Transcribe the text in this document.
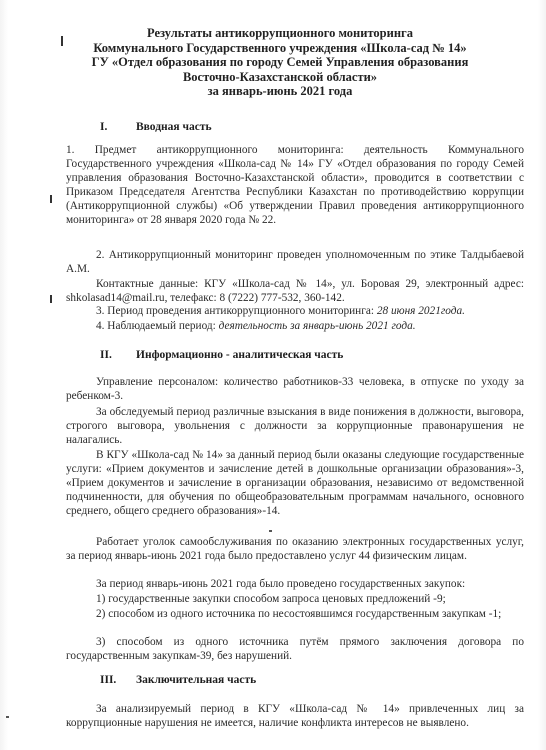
Результаты антикоррупционного мониторинга
Коммунального Государственного учреждения «Школа-сад № 14»
ГУ «Отдел образования по городу Семей Управления образования
Восточно-Казахстанской области»
за январь-июнь 2021 года
I. Вводная часть
1. Предмет антикоррупционного мониторинга: деятельность Коммунального Государственного учреждения «Школа-сад № 14» ГУ «Отдел образования по городу Семей управления образования Восточно-Казахстанской области», проводится в соответствии с Приказом Председателя Агентства Республики Казахстан по противодействию коррупции (Антикоррупционной службы) «Об утверждении Правил проведения антикоррупционного мониторинга» от 28 января 2020 года № 22.
2. Антикоррупционный мониторинг проведен уполномоченным по этике Талдыбаевой А.М.
Контактные данные: КГУ «Школа-сад № 14», ул. Боровая 29, электронный адрес: shkolasad14@mail.ru, телефакс: 8 (7222) 777-532, 360-142.
3. Период проведения антикоррупционного мониторинга: 28 июня 2021года.
4. Наблюдаемый период: деятельность за январь-июнь 2021 года.
II. Информационно - аналитическая часть
Управление персоналом: количество работников-33 человека, в отпуске по уходу за ребенком-3.
За обследуемый период различные взыскания в виде понижения в должности, выговора, строгого выговора, увольнения с должности за коррупционные правонарушения не налагались.
В КГУ «Школа-сад № 14» за данный период были оказаны следующие государственные услуги: «Прием документов и зачисление детей в дошкольные организации образования»-3, «Прием документов и зачисление в организации образования, независимо от ведомственной подчиненности, для обучения по общеобразовательным программам начального, основного среднего, общего среднего образования»-14.
Работает уголок самообслуживания по оказанию электронных государственных услуг, за период январь-июнь 2021 года было предоставлено услуг 44 физическим лицам.
За период январь-июнь 2021 года было проведено государственных закупок:
1) государственные закупки способом запроса ценовых предложений -9;
2) способом из одного источника по несостоявшимся государственным закупкам -1;
3) способом из одного источника путём прямого заключения договора по государственным закупкам-39, без нарушений.
III. Заключительная часть
За анализируемый период в КГУ «Школа-сад № 14» привлеченных лиц за коррупционные нарушения не имеется, наличие конфликта интересов не выявлено.
